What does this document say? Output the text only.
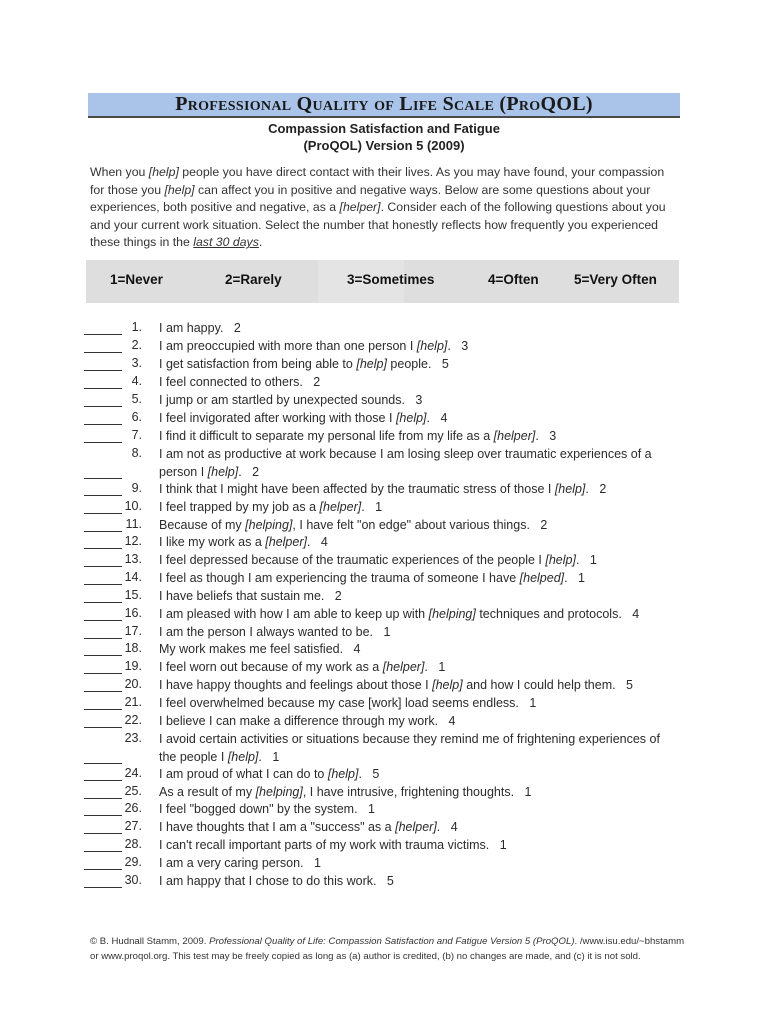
Professional Quality of Life Scale (ProQOL)
Compassion Satisfaction and Fatigue
(ProQOL) Version 5 (2009)
When you [help] people you have direct contact with their lives. As you may have found, your compassion for those you [help] can affect you in positive and negative ways. Below are some questions about your experiences, both positive and negative, as a [helper]. Consider each of the following questions about you and your current work situation. Select the number that honestly reflects how frequently you experienced these things in the last 30 days.
1=Never	2=Rarely	3=Sometimes	4=Often	5=Very Often
1. I am happy. 2
2. I am preoccupied with more than one person I [help]. 3
3. I get satisfaction from being able to [help] people. 5
4. I feel connected to others. 2
5. I jump or am startled by unexpected sounds. 3
6. I feel invigorated after working with those I [help]. 4
7. I find it difficult to separate my personal life from my life as a [helper]. 3
8. I am not as productive at work because I am losing sleep over traumatic experiences of a person I [help]. 2
9. I think that I might have been affected by the traumatic stress of those I [help]. 2
10. I feel trapped by my job as a [helper]. 1
11. Because of my [helping], I have felt "on edge" about various things. 2
12. I like my work as a [helper]. 4
13. I feel depressed because of the traumatic experiences of the people I [help]. 1
14. I feel as though I am experiencing the trauma of someone I have [helped]. 1
15. I have beliefs that sustain me. 2
16. I am pleased with how I am able to keep up with [helping] techniques and protocols. 4
17. I am the person I always wanted to be. 1
18. My work makes me feel satisfied. 4
19. I feel worn out because of my work as a [helper]. 1
20. I have happy thoughts and feelings about those I [help] and how I could help them. 5
21. I feel overwhelmed because my case [work] load seems endless. 1
22. I believe I can make a difference through my work. 4
23. I avoid certain activities or situations because they remind me of frightening experiences of the people I [help]. 1
24. I am proud of what I can do to [help]. 5
25. As a result of my [helping], I have intrusive, frightening thoughts. 1
26. I feel "bogged down" by the system. 1
27. I have thoughts that I am a "success" as a [helper]. 4
28. I can't recall important parts of my work with trauma victims. 1
29. I am a very caring person. 1
30. I am happy that I chose to do this work. 5
© B. Hudnall Stamm, 2009. Professional Quality of Life: Compassion Satisfaction and Fatigue Version 5 (ProQOL). /www.isu.edu/~bhstamm or www.proqol.org. This test may be freely copied as long as (a) author is credited, (b) no changes are made, and (c) it is not sold.
